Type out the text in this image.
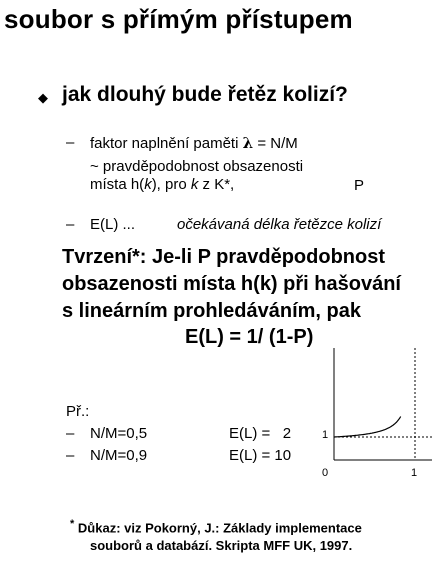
soubor s přímým přístupem
◆ jak dlouhý bude řetěz kolizí?
– faktor naplnění paměti λ = N/M
~ pravděpodobnost obsazenosti
místa h(k), pro k z K*,	P
– E(L) ...	očekávaná délka řetězce kolizí
Tvrzení*: Je-li P pravděpodobnost
obsazenosti místa h(k) při hašování
s lineárním prohledáváním, pak
E(L) = 1/ (1-P)
Př.:
– N/M=0,5	E(L) =   2
– N/M=0,9	E(L) = 10
1
0	1
* Důkaz: viz Pokorný, J.: Základy implementace
souborů a databází. Skripta MFF UK, 1997.
